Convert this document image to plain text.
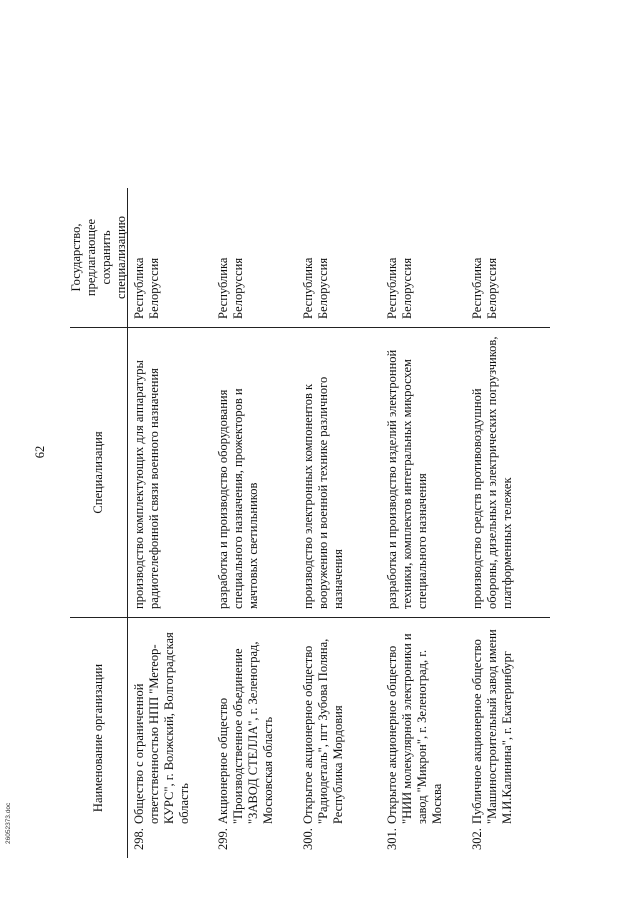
62
26052373.doc
Наименование организации
Специализация
Государство, предлагающее сохранить специализацию
298.
Общество с ограниченной ответственностью НПП "Метеор-КУРС", г. Волжский, Волгоградская область
производство комплектующих для аппаратуры радиотелефонной связи военного назначения
Республика Белоруссия
299.
Акционерное общество "Производственное объединение "ЗАВОД СТЕЛЛА", г. Зеленоград, Московская область
разработка и производство оборудования специального назначения, прожекторов и мачтовых светильников
Республика Белоруссия
300.
Открытое акционерное общество "Радиодеталь", пгт Зубова Поляна, Республика Мордовия
производство электронных компонентов к вооружению и военной технике различного назначения
Республика Белоруссия
301.
Открытое акционерное общество "НИИ молекулярной электроники и завод "Микрон", г. Зеленоград, г. Москва
разработка и производство изделий электронной техники, комплектов интегральных микросхем специального назначения
Республика Белоруссия
302.
Публичное акционерное общество "Машиностроительный завод имени М.И.Калинина", г. Екатеринбург
производство средств противовоздушной обороны, дизельных и электрических погрузчиков, платформенных тележек
Республика Белоруссия
